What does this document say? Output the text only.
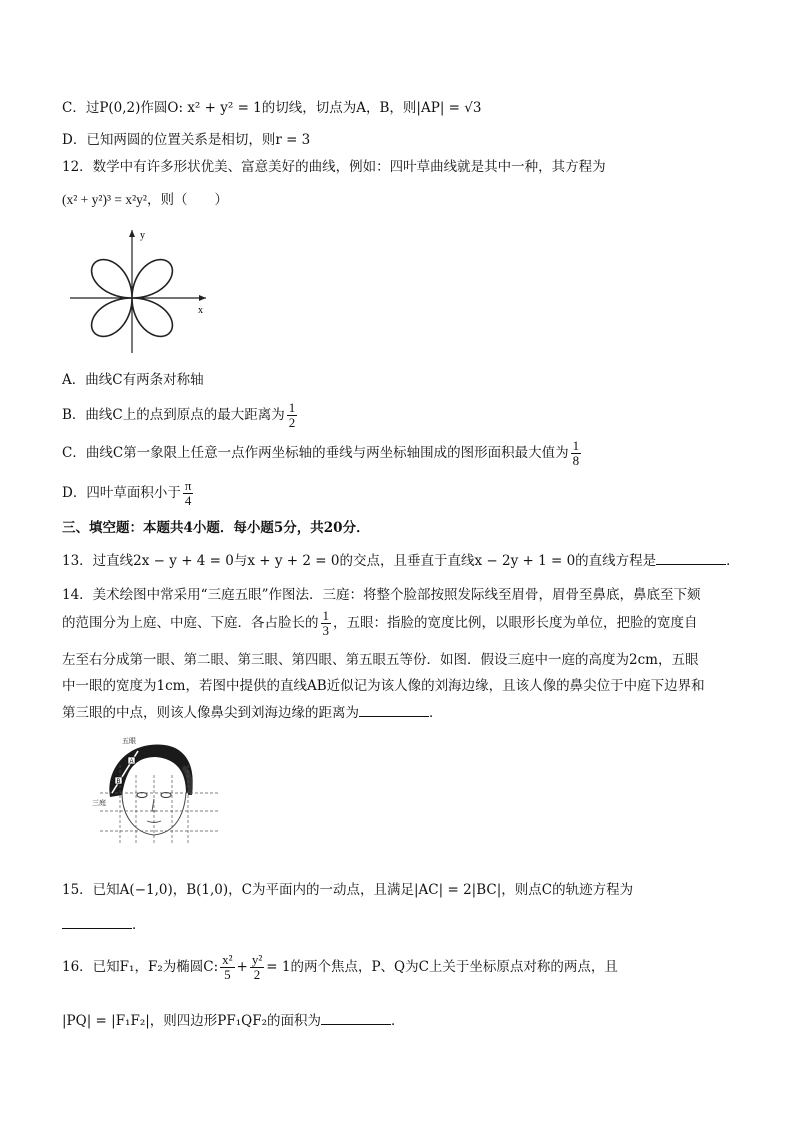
C．过P(0,2)作圆O: x² + y² = 1的切线，切点为A，B，则|AP| = √3
D．已知两圆的位置关系是相切，则r = 3
12．数学中有许多形状优美、富意美好的曲线，例如：四叶草曲线就是其中一种，其方程为
(x² + y²)³ = x²y²，则（　　）
y
x
A．曲线C有两条对称轴
B．曲线C上的点到原点的最大距离为 $\frac{1}{2}$
C．曲线C第一象限上任意一点作两坐标轴的垂线与两坐标轴围成的图形面积最大值为 $\frac{1}{8}$
D．四叶草面积小于 $\frac{\pi}{4}$
三、填空题：本题共4小题．每小题5分，共20分．
13．过直线2x − y + 4 = 0与x + y + 2 = 0的交点，且垂直于直线x − 2y + 1 = 0的直线方程是	．
14．美术绘图中常采用“三庭五眼”作图法．三庭：将整个脸部按照发际线至眉骨，眉骨至鼻底，鼻底至下颏
的范围分为上庭、中庭、下庭．各占脸长的 $\frac{1}{3}$ ，五眼：指脸的宽度比例，以眼形长度为单位，把脸的宽度自
左至右分成第一眼、第二眼、第三眼、第四眼、第五眼五等份．如图．假设三庭中一庭的高度为2cm，五眼
中一眼的宽度为1cm，若图中提供的直线AB近似记为该人像的刘海边缘，且该人像的鼻尖位于中庭下边界和
第三眼的中点，则该人像鼻尖到刘海边缘的距离为	．
B
A
五眼
三庭
15．已知A(−1,0)，B(1,0)，C为平面内的一动点，且满足|AC| = 2|BC|，则点C的轨迹方程为
．
16．已知F₁，F₂为椭圆C: $\frac{\text{x²}}{5} + \frac{\text{y²}}{2} = 1$的两个焦点，P、Q为C上关于坐标原点对称的两点，且
|PQ| = |F₁F₂|，则四边形PF₁QF₂的面积为	．
